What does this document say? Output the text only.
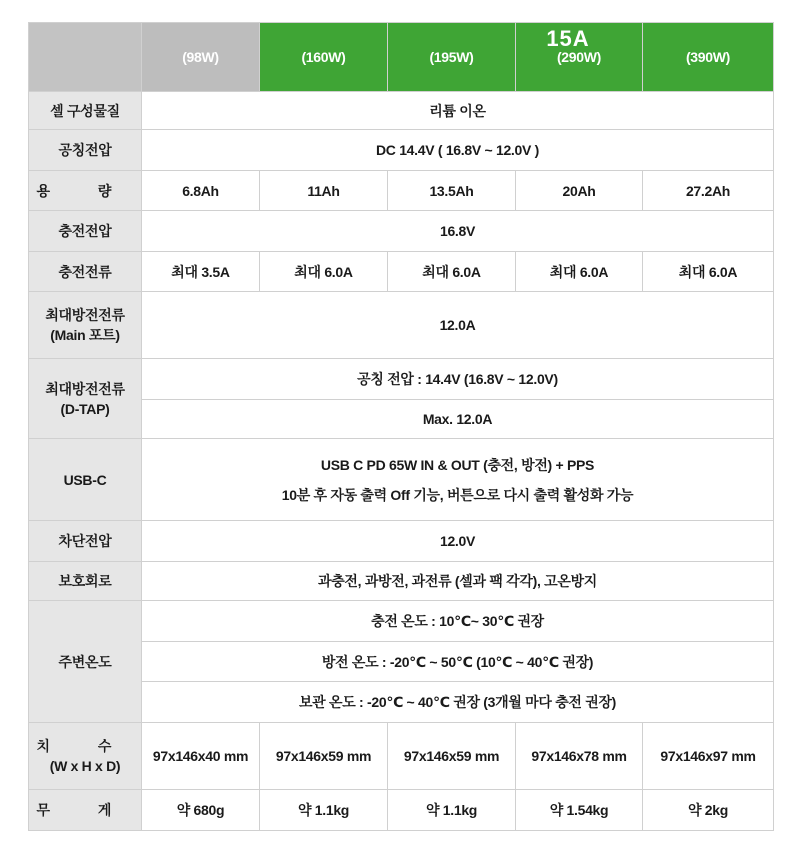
15A
	(98W)	(160W)	(195W)	(290W)	(390W)
셀 구성물질	리튬 이온				
공칭전압	DC 14.4V ( 16.8V ~ 12.0V )				
용 량	6.8Ah	11Ah	13.5Ah	20Ah	27.2Ah
충전전압	16.8V				
충전전류	최대 3.5A	최대 6.0A	최대 6.0A	최대 6.0A	최대 6.0A
최대방전전류
(Main 포트)	12.0A				
최대방전전류
(D-TAP)	공칭 전압 : 14.4V (16.8V ~ 12.0V)				
	Max. 12.0A				
USB-C	USB C PD 65W IN & OUT (충전, 방전) + PPS
10분 후 자동 출력 Off 기능, 버튼으로 다시 출력 활성화 가능				
차단전압	12.0V				
보호회로	과충전, 과방전, 과전류 (셀과 팩 각각), 고온방지				
주변온도	충전 온도 : 10℃~ 30℃ 권장				
	방전 온도 : -20℃ ~ 50℃ (10℃ ~ 40℃ 권장)				
	보관 온도 : -20℃ ~ 40℃ 권장 (3개월 마다 충전 권장)				
치 수
(W x H x D)	97x146x40 mm	97x146x59 mm	97x146x59 mm	97x146x78 mm	97x146x97 mm
무 게	약 680g	약 1.1kg	약 1.1kg	약 1.54kg	약 2kg
